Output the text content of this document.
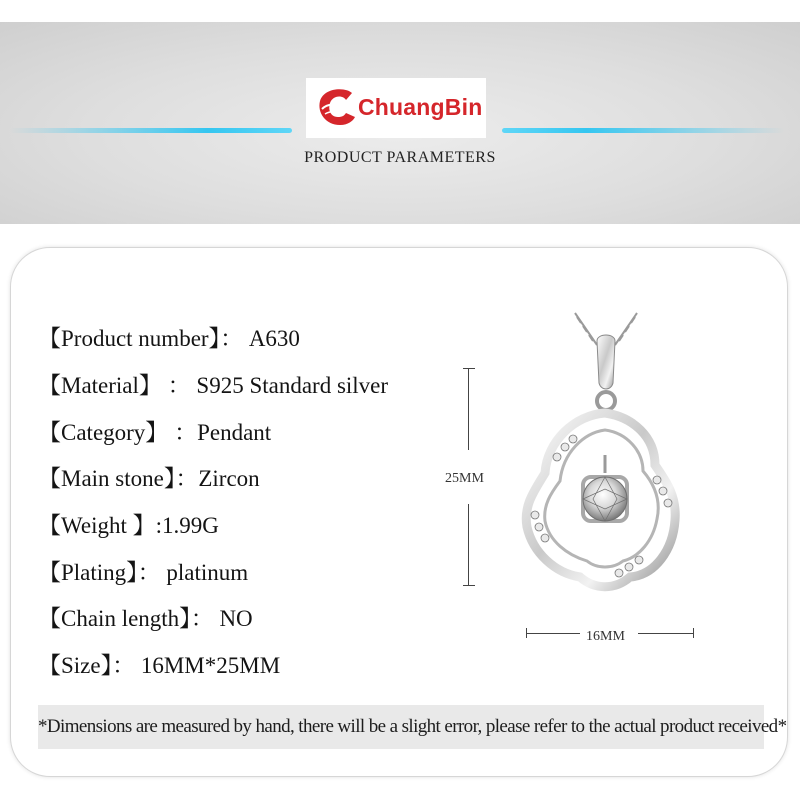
ChuangBin
PRODUCT PARAMETERS
【Product number】： A630
【Material】 ： S925 Standard silver
【Category】 ：Pendant
【Main stone】：Zircon
【Weight 】:1.99G
【Plating】： platinum
【Chain length】： NO
【Size】： 16MM*25MM
25MM
16MM
*Dimensions are measured by hand, there will be a slight error, please refer to the actual product received*
